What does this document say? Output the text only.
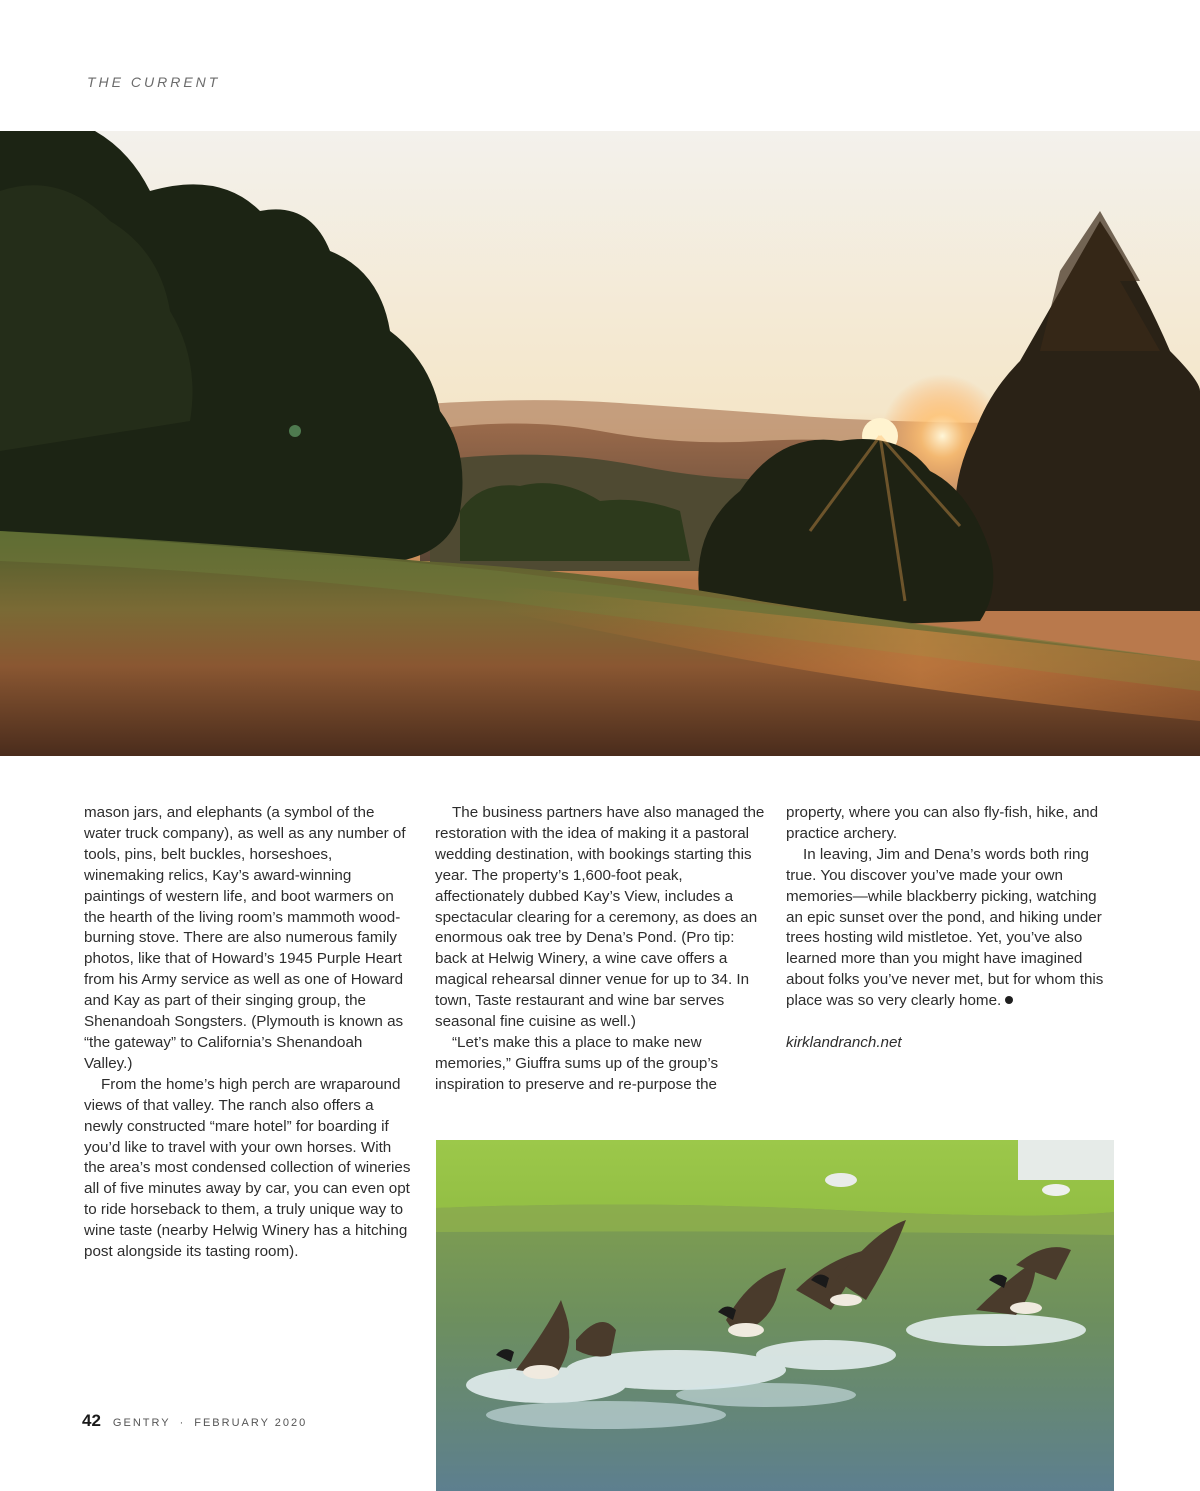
THE CURRENT

mason jars, and elephants (a symbol of the water truck company), as well as any number of tools, pins, belt buckles, horseshoes, winemaking relics, Kay’s award-winning paintings of western life, and boot warmers on the hearth of the living room’s mammoth wood-burning stove. There are also numerous family photos, like that of Howard’s 1945 Purple Heart from his Army service as well as one of Howard and Kay as part of their singing group, the Shenandoah Songsters. (Plymouth is known as “the gateway” to California’s Shenandoah Valley.)

From the home’s high perch are wraparound views of that valley. The ranch also offers a newly constructed “mare hotel” for boarding if you’d like to travel with your own horses. With the area’s most condensed collection of wineries all of five minutes away by car, you can even opt to ride horseback to them, a truly unique way to wine taste (nearby Helwig Winery has a hitching post alongside its tasting room).

The business partners have also managed the restoration with the idea of making it a pastoral wedding destination, with bookings starting this year. The property’s 1,600-foot peak, affectionately dubbed Kay’s View, includes a spectacular clearing for a ceremony, as does an enormous oak tree by Dena’s Pond. (Pro tip: back at Helwig Winery, a wine cave offers a magical rehearsal dinner venue for up to 34. In town, Taste restaurant and wine bar serves seasonal fine cuisine as well.)

“Let’s make this a place to make new memories,” Giuffra sums up of the group’s inspiration to preserve and re-purpose the

property, where you can also fly-fish, hike, and practice archery.

In leaving, Jim and Dena’s words both ring true. You discover you’ve made your own memories—while blackberry picking, watching an epic sunset over the pond, and hiking under trees hosting wild mistletoe. Yet, you’ve also learned more than you might have imagined about folks you’ve never met, but for whom this place was so very clearly home.

kirklandranch.net

42 GENTRY · FEBRUARY 2020
